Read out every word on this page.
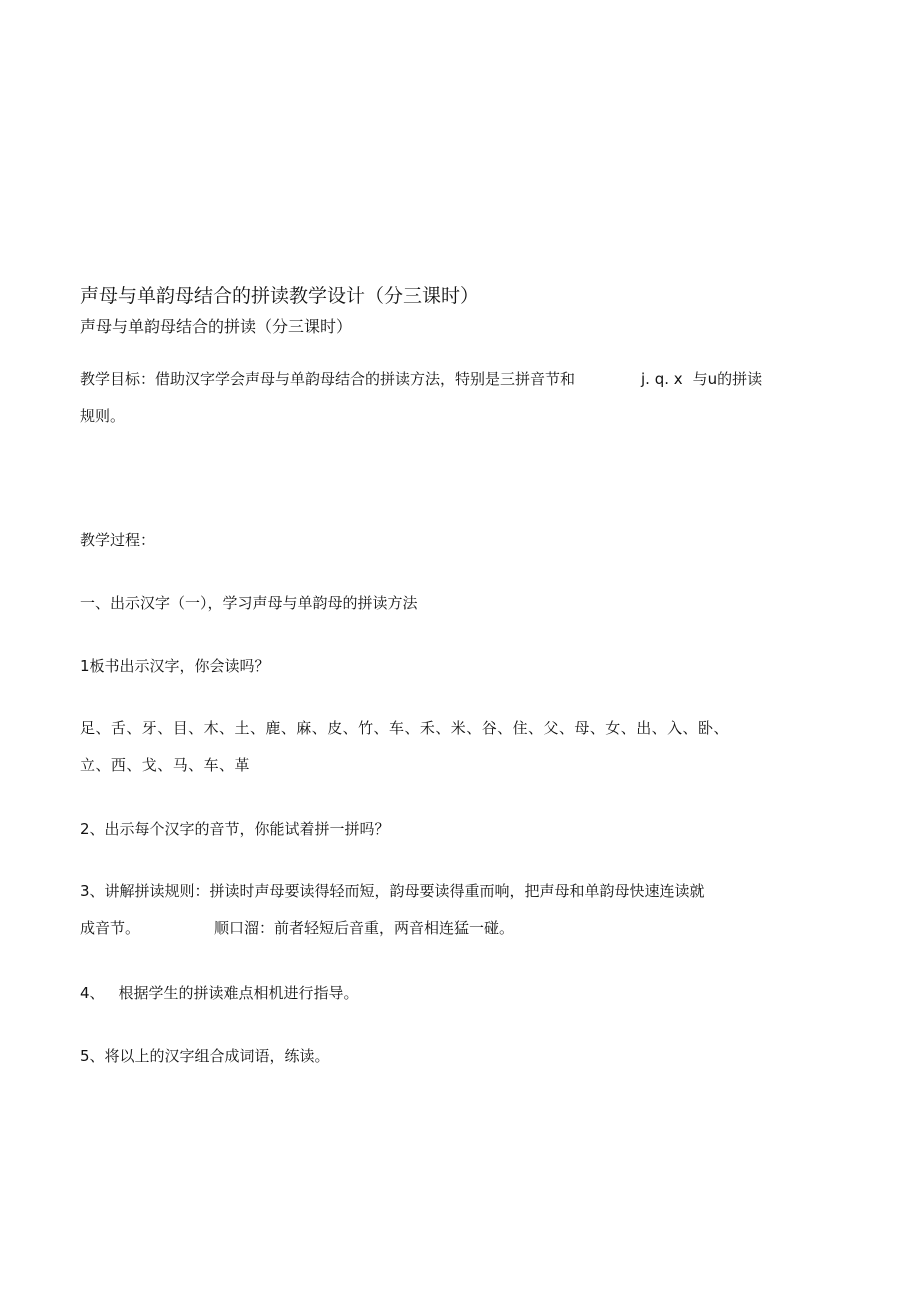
声母与单韵母结合的拼读教学设计（分三课时）
声母与单韵母结合的拼读（分三课时）
教学目标：借助汉字学会声母与单韵母结合的拼读方法，特别是三拼音节和	j. q. x 与u的拼读
规则。
教学过程：
一、出示汉字（一），学习声母与单韵母的拼读方法
1板书出示汉字，你会读吗？
足、舌、牙、目、木、土、鹿、麻、皮、竹、车、禾、米、谷、住、父、母、女、出、入、卧、
立、西、戈、马、车、革
2、出示每个汉字的音节，你能试着拼一拼吗？
3、讲解拼读规则：拼读时声母要读得轻而短，韵母要读得重而响，把声母和单韵母快速连读就
成音节。	顺口溜：前者轻短后音重，两音相连猛一碰。
4、 根据学生的拼读难点相机进行指导。
5、将以上的汉字组合成词语，练读。
